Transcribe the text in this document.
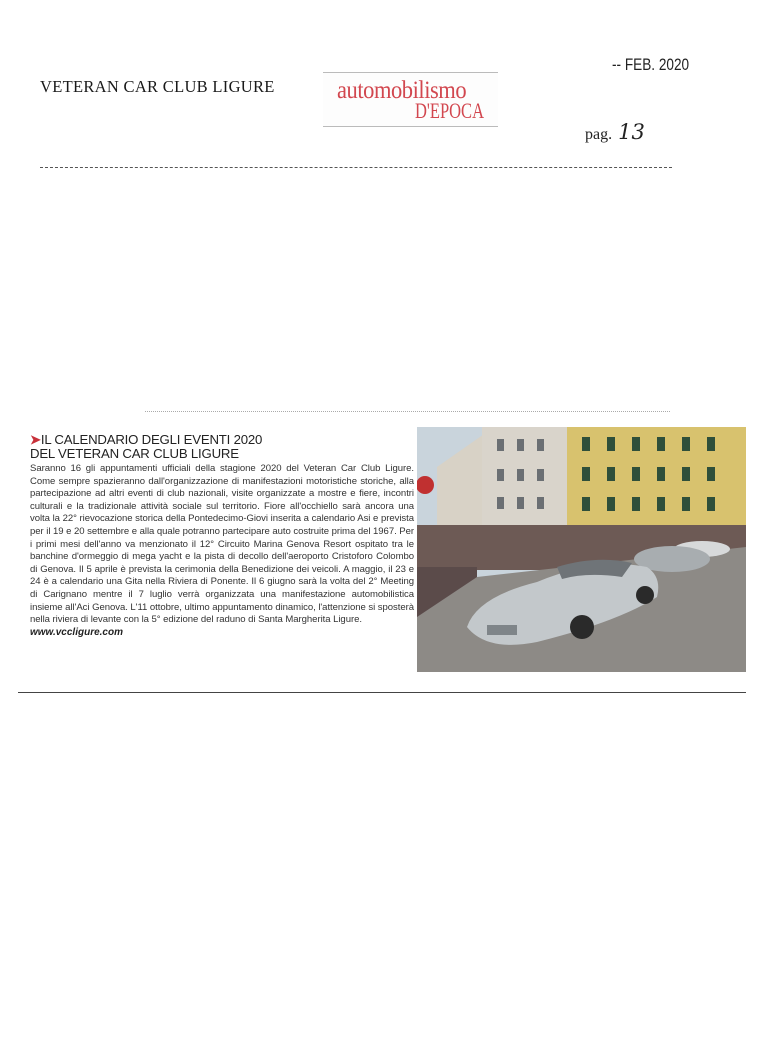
VETERAN CAR CLUB LIGURE automobilismo
D'EPOCA
-- FEB. 2020
pag. 13
➤IL CALENDARIO DEGLI EVENTI 2020
DEL VETERAN CAR CLUB LIGURE
Saranno 16 gli appuntamenti ufficiali della stagione 2020 del Veteran Car Club Ligure. Come sempre spazieranno dall'organizzazione di manifestazioni motoristiche storiche, alla partecipazione ad altri eventi di club nazionali, visite organizzate a mostre e fiere, incontri culturali e la tradizionale attività sociale sul territorio. Fiore all'occhiello sarà ancora una volta la 22° rievocazione storica della Pontedecimo-Giovi inserita a calendario Asi e prevista per il 19 e 20 settembre e alla quale potranno partecipare auto costruite prima del 1967. Per i primi mesi dell'anno va menzionato il 12° Circuito Marina Genova Resort ospitato tra le banchine d'ormeggio di mega yacht e la pista di decollo dell'aeroporto Cristoforo Colombo di Genova. Il 5 aprile è prevista la cerimonia della Benedizione dei veicoli. A maggio, il 23 e 24 è a calendario una Gita nella Riviera di Ponente. Il 6 giugno sarà la volta del 2° Meeting di Carignano mentre il 7 luglio verrà organizzata una manifestazione automobilistica insieme all'Aci Genova. L'11 ottobre, ultimo appuntamento dinamico, l'attenzione si sposterà nella riviera di levante con la 5° edizione del raduno di Santa Margherita Ligure.
www.vccligure.com
